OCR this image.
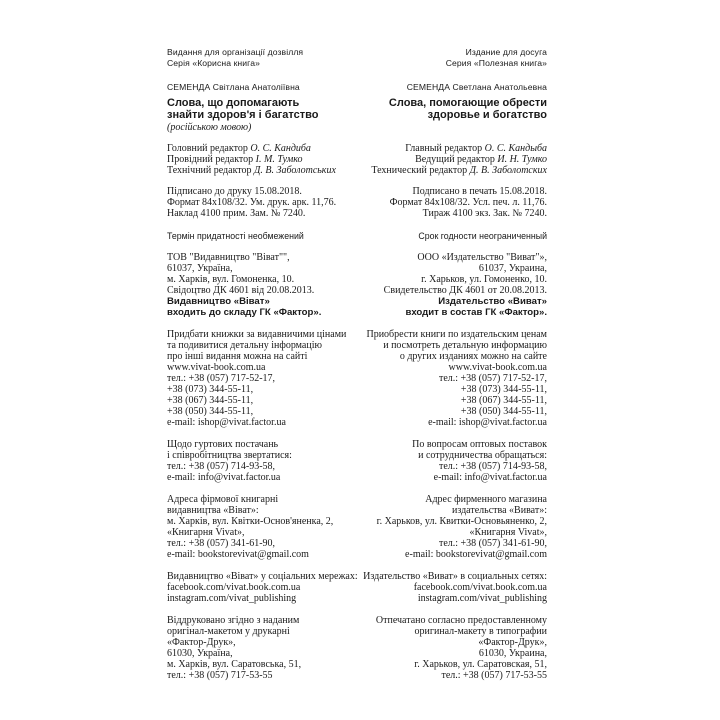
Видання для організації дозвілля
Серія «Корисна книга»
СЕМЕНДА Світлана Анатоліївна
Слова, що допомагають
знайти здоров'я і багатство
(російською мовою)
Головний редактор О. С. Кандиба
Провідний редактор І. М. Тумко
Технічний редактор Д. В. Заболотських
Підписано до друку 15.08.2018.
Формат 84х108/32. Ум. друк. арк. 11,76.
Наклад 4100 прим. Зам. № 7240.
Термін придатності необмежений
ТОВ "Видавництво "Віват"",
61037, Україна,
м. Харків, вул. Гомоненка, 10.
Свідоцтво ДК 4601 від 20.08.2013.
Видавництво «Віват»
входить до складу ГК «Фактор».
Придбати книжки за видавничими цінами
та подивитися детальну інформацію
про інші видання можна на сайті
www.vivat-book.com.ua
тел.: +38 (057) 717-52-17,
+38 (073) 344-55-11,
+38 (067) 344-55-11,
+38 (050) 344-55-11,
e-mail: ishop@vivat.factor.ua
Щодо гуртових постачань
і співробітництва звертатися:
тел.: +38 (057) 714-93-58,
e-mail: info@vivat.factor.ua
Адреса фірмової книгарні
видавництва «Віват»:
м. Харків, вул. Квітки-Основ'яненка, 2,
«Книгарня Vivat»,
тел.: +38 (057) 341-61-90,
e-mail: bookstorevivat@gmail.com
Видавництво «Віват» у соціальних мережах:
facebook.com/vivat.book.com.ua
instagram.com/vivat_publishing
Віддруковано згідно з наданим
оригінал-макетом у друкарні
«Фактор-Друк»,
61030, Україна,
м. Харків, вул. Саратовська, 51,
тел.: +38 (057) 717-53-55
Издание для досуга
Серия «Полезная книга»
СЕМЕНДА Светлана Анатольевна
Слова, помогающие обрести
здоровье и богатство
Главный редактор О. С. Кандыба
Ведущий редактор И. Н. Тумко
Технический редактор Д. В. Заболотских
Подписано в печать 15.08.2018.
Формат 84х108/32. Усл. печ. л. 11,76.
Тираж 4100 экз. Зак. № 7240.
Срок годности неограниченный
ООО «Издательство "Виват"»,
61037, Украина,
г. Харьков, ул. Гомоненко, 10.
Свидетельство ДК 4601 от 20.08.2013.
Издательство «Виват»
входит в состав ГК «Фактор».
Приобрести книги по издательским ценам
и посмотреть детальную информацию
о других изданиях можно на сайте
www.vivat-book.com.ua
тел.: +38 (057) 717-52-17,
+38 (073) 344-55-11,
+38 (067) 344-55-11,
+38 (050) 344-55-11,
e-mail: ishop@vivat.factor.ua
По вопросам оптовых поставок
и сотрудничества обращаться:
тел.: +38 (057) 714-93-58,
e-mail: info@vivat.factor.ua
Адрес фирменного магазина
издательства «Виват»:
г. Харьков, ул. Квитки-Основьяненко, 2,
«Книгарня Vivat»,
тел.: +38 (057) 341-61-90,
e-mail: bookstorevivat@gmail.com
Издательство «Виват» в социальных сетях:
facebook.com/vivat.book.com.ua
instagram.com/vivat_publishing
Отпечатано согласно предоставленному
оригинал-макету в типографии
«Фактор-Друк»,
61030, Украина,
г. Харьков, ул. Саратовская, 51,
тел.: +38 (057) 717-53-55
